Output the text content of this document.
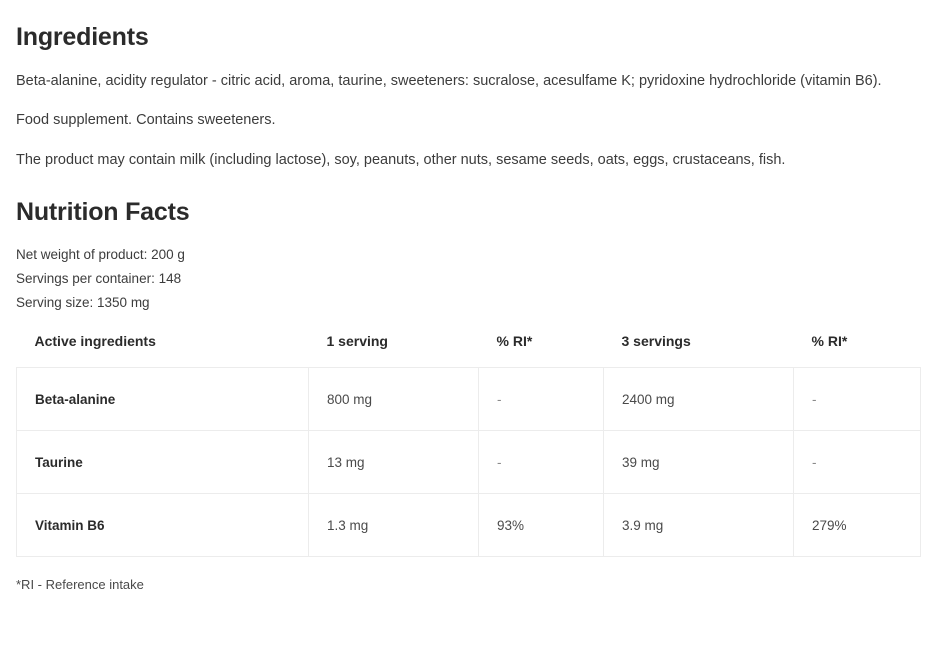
Ingredients

Beta-alanine, acidity regulator - citric acid, aroma, taurine, sweeteners: sucralose, acesulfame K; pyridoxine hydrochloride (vitamin B6).

Food supplement. Contains sweeteners.

The product may contain milk (including lactose), soy, peanuts, other nuts, sesame seeds, oats, eggs, crustaceans, fish.

Nutrition Facts
Net weight of product: 200 g
Servings per container: 148
Serving size: 1350 mg
Active ingredients	1 serving	% RI*	3 servings	% RI*
Beta-alanine	800 mg	-	2400 mg	-
Taurine	13 mg	-	39 mg	-
Vitamin B6	1.3 mg	93%	3.9 mg	279%
*RI - Reference intake
